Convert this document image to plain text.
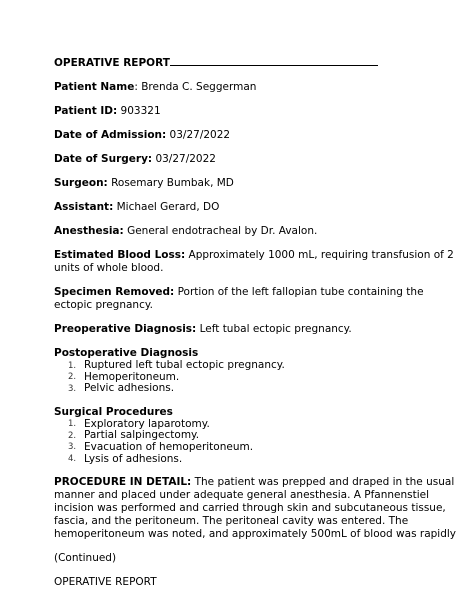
OPERATIVE REPORT
Patient Name: Brenda C. Seggerman
Patient ID: 903321
Date of Admission: 03/27/2022
Date of Surgery: 03/27/2022
Surgeon: Rosemary Bumbak, MD
Assistant: Michael Gerard, DO
Anesthesia: General endotracheal by Dr. Avalon.
Estimated Blood Loss: Approximately 1000 mL, requiring transfusion of 2
units of whole blood.
Specimen Removed: Portion of the left fallopian tube containing the
ectopic pregnancy.
Preoperative Diagnosis: Left tubal ectopic pregnancy.
Postoperative Diagnosis
1. Ruptured left tubal ectopic pregnancy.
2. Hemoperitoneum.
3. Pelvic adhesions.
Surgical Procedures
1. Exploratory laparotomy.
2. Partial salpingectomy.
3. Evacuation of hemoperitoneum.
4. Lysis of adhesions.
PROCEDURE IN DETAIL: The patient was prepped and draped in the usual
manner and placed under adequate general anesthesia. A Pfannenstiel
incision was performed and carried through skin and subcutaneous tissue,
fascia, and the peritoneum. The peritoneal cavity was entered. The
hemoperitoneum was noted, and approximately 500mL of blood was rapidly
(Continued)
OPERATIVE REPORT
